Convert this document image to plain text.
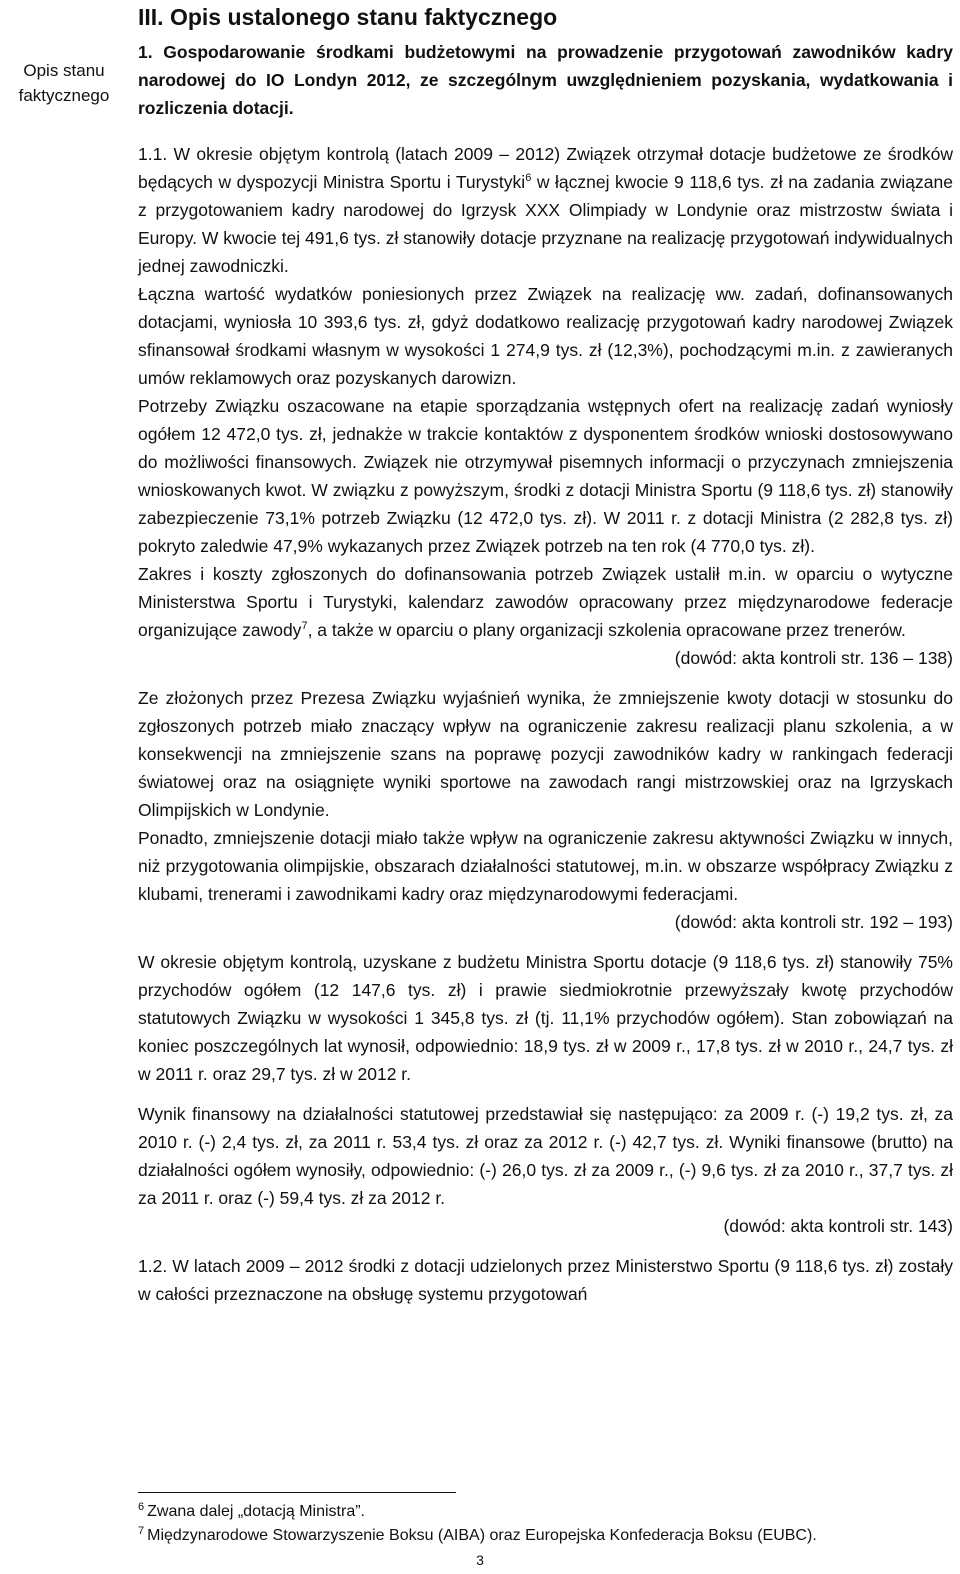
Opis stanu
faktycznego
III. Opis ustalonego stanu faktycznego
1. Gospodarowanie środkami budżetowymi na prowadzenie przygotowań zawodników kadry narodowej do IO Londyn 2012, ze szczególnym uwzględnieniem pozyskania, wydatkowania i rozliczenia dotacji.

1.1. W okresie objętym kontrolą (latach 2009 – 2012) Związek otrzymał dotacje budżetowe ze środków będących w dyspozycji Ministra Sportu i Turystyki$^6$ w łącznej kwocie 9 118,6 tys. zł na zadania związane z przygotowaniem kadry narodowej do Igrzysk XXX Olimpiady w Londynie oraz mistrzostw świata i Europy. W kwocie tej 491,6 tys. zł stanowiły dotacje przyznane na realizację przygotowań indywidualnych jednej zawodniczki.

Łączna wartość wydatków poniesionych przez Związek na realizację ww. zadań, dofinansowanych dotacjami, wyniosła 10 393,6 tys. zł, gdyż dodatkowo realizację przygotowań kadry narodowej Związek sfinansował środkami własnym w wysokości 1 274,9 tys. zł (12,3%), pochodzącymi m.in. z zawieranych umów reklamowych oraz pozyskanych darowizn.

Potrzeby Związku oszacowane na etapie sporządzania wstępnych ofert na realizację zadań wyniosły ogółem 12 472,0 tys. zł, jednakże w trakcie kontaktów z dysponentem środków wnioski dostosowywano do możliwości finansowych. Związek nie otrzymywał pisemnych informacji o przyczynach zmniejszenia wnioskowanych kwot. W związku z powyższym, środki z dotacji Ministra Sportu (9 118,6 tys. zł) stanowiły zabezpieczenie 73,1% potrzeb Związku (12 472,0 tys. zł). W 2011 r. z dotacji Ministra (2 282,8 tys. zł) pokryto zaledwie 47,9% wykazanych przez Związek potrzeb na ten rok (4 770,0 tys. zł).

Zakres i koszty zgłoszonych do dofinansowania potrzeb Związek ustalił m.in. w oparciu o wytyczne Ministerstwa Sportu i Turystyki, kalendarz zawodów opracowany przez międzynarodowe federacje organizujące zawody$^7$, a także w oparciu o plany organizacji szkolenia opracowane przez trenerów.

(dowód: akta kontroli str. 136 – 138)

Ze złożonych przez Prezesa Związku wyjaśnień wynika, że zmniejszenie kwoty dotacji w stosunku do zgłoszonych potrzeb miało znaczący wpływ na ograniczenie zakresu realizacji planu szkolenia, a w konsekwencji na zmniejszenie szans na poprawę pozycji zawodników kadry w rankingach federacji światowej oraz na osiągnięte wyniki sportowe na zawodach rangi mistrzowskiej oraz na Igrzyskach Olimpijskich w Londynie.

Ponadto, zmniejszenie dotacji miało także wpływ na ograniczenie zakresu aktywności Związku w innych, niż przygotowania olimpijskie, obszarach działalności statutowej, m.in. w obszarze współpracy Związku z klubami, trenerami i zawodnikami kadry oraz międzynarodowymi federacjami.

(dowód: akta kontroli str. 192 – 193)

W okresie objętym kontrolą, uzyskane z budżetu Ministra Sportu dotacje (9 118,6 tys. zł) stanowiły 75% przychodów ogółem (12 147,6 tys. zł) i prawie siedmiokrotnie przewyższały kwotę przychodów statutowych Związku w wysokości 1 345,8 tys. zł (tj. 11,1% przychodów ogółem). Stan zobowiązań na koniec poszczególnych lat wynosił, odpowiednio: 18,9 tys. zł w 2009 r., 17,8 tys. zł w 2010 r., 24,7 tys. zł w 2011 r. oraz 29,7 tys. zł w 2012 r.

Wynik finansowy na działalności statutowej przedstawiał się następująco: za 2009 r. (-) 19,2 tys. zł, za 2010 r. (-) 2,4 tys. zł, za 2011 r. 53,4 tys. zł oraz za 2012 r. (-) 42,7 tys. zł. Wyniki finansowe (brutto) na działalności ogółem wynosiły, odpowiednio: (-) 26,0 tys. zł za 2009 r., (-) 9,6 tys. zł za 2010 r., 37,7 tys. zł za 2011 r. oraz (-) 59,4 tys. zł za 2012 r.

(dowód: akta kontroli str. 143)

1.2. W latach 2009 – 2012 środki z dotacji udzielonych przez Ministerstwo Sportu (9 118,6 tys. zł) zostały w całości przeznaczone na obsługę systemu przygotowań

$^6$ Zwana dalej „dotacją Ministra”.
$^7$ Międzynarodowe Stowarzyszenie Boksu (AIBA) oraz Europejska Konfederacja Boksu (EUBC).
3
